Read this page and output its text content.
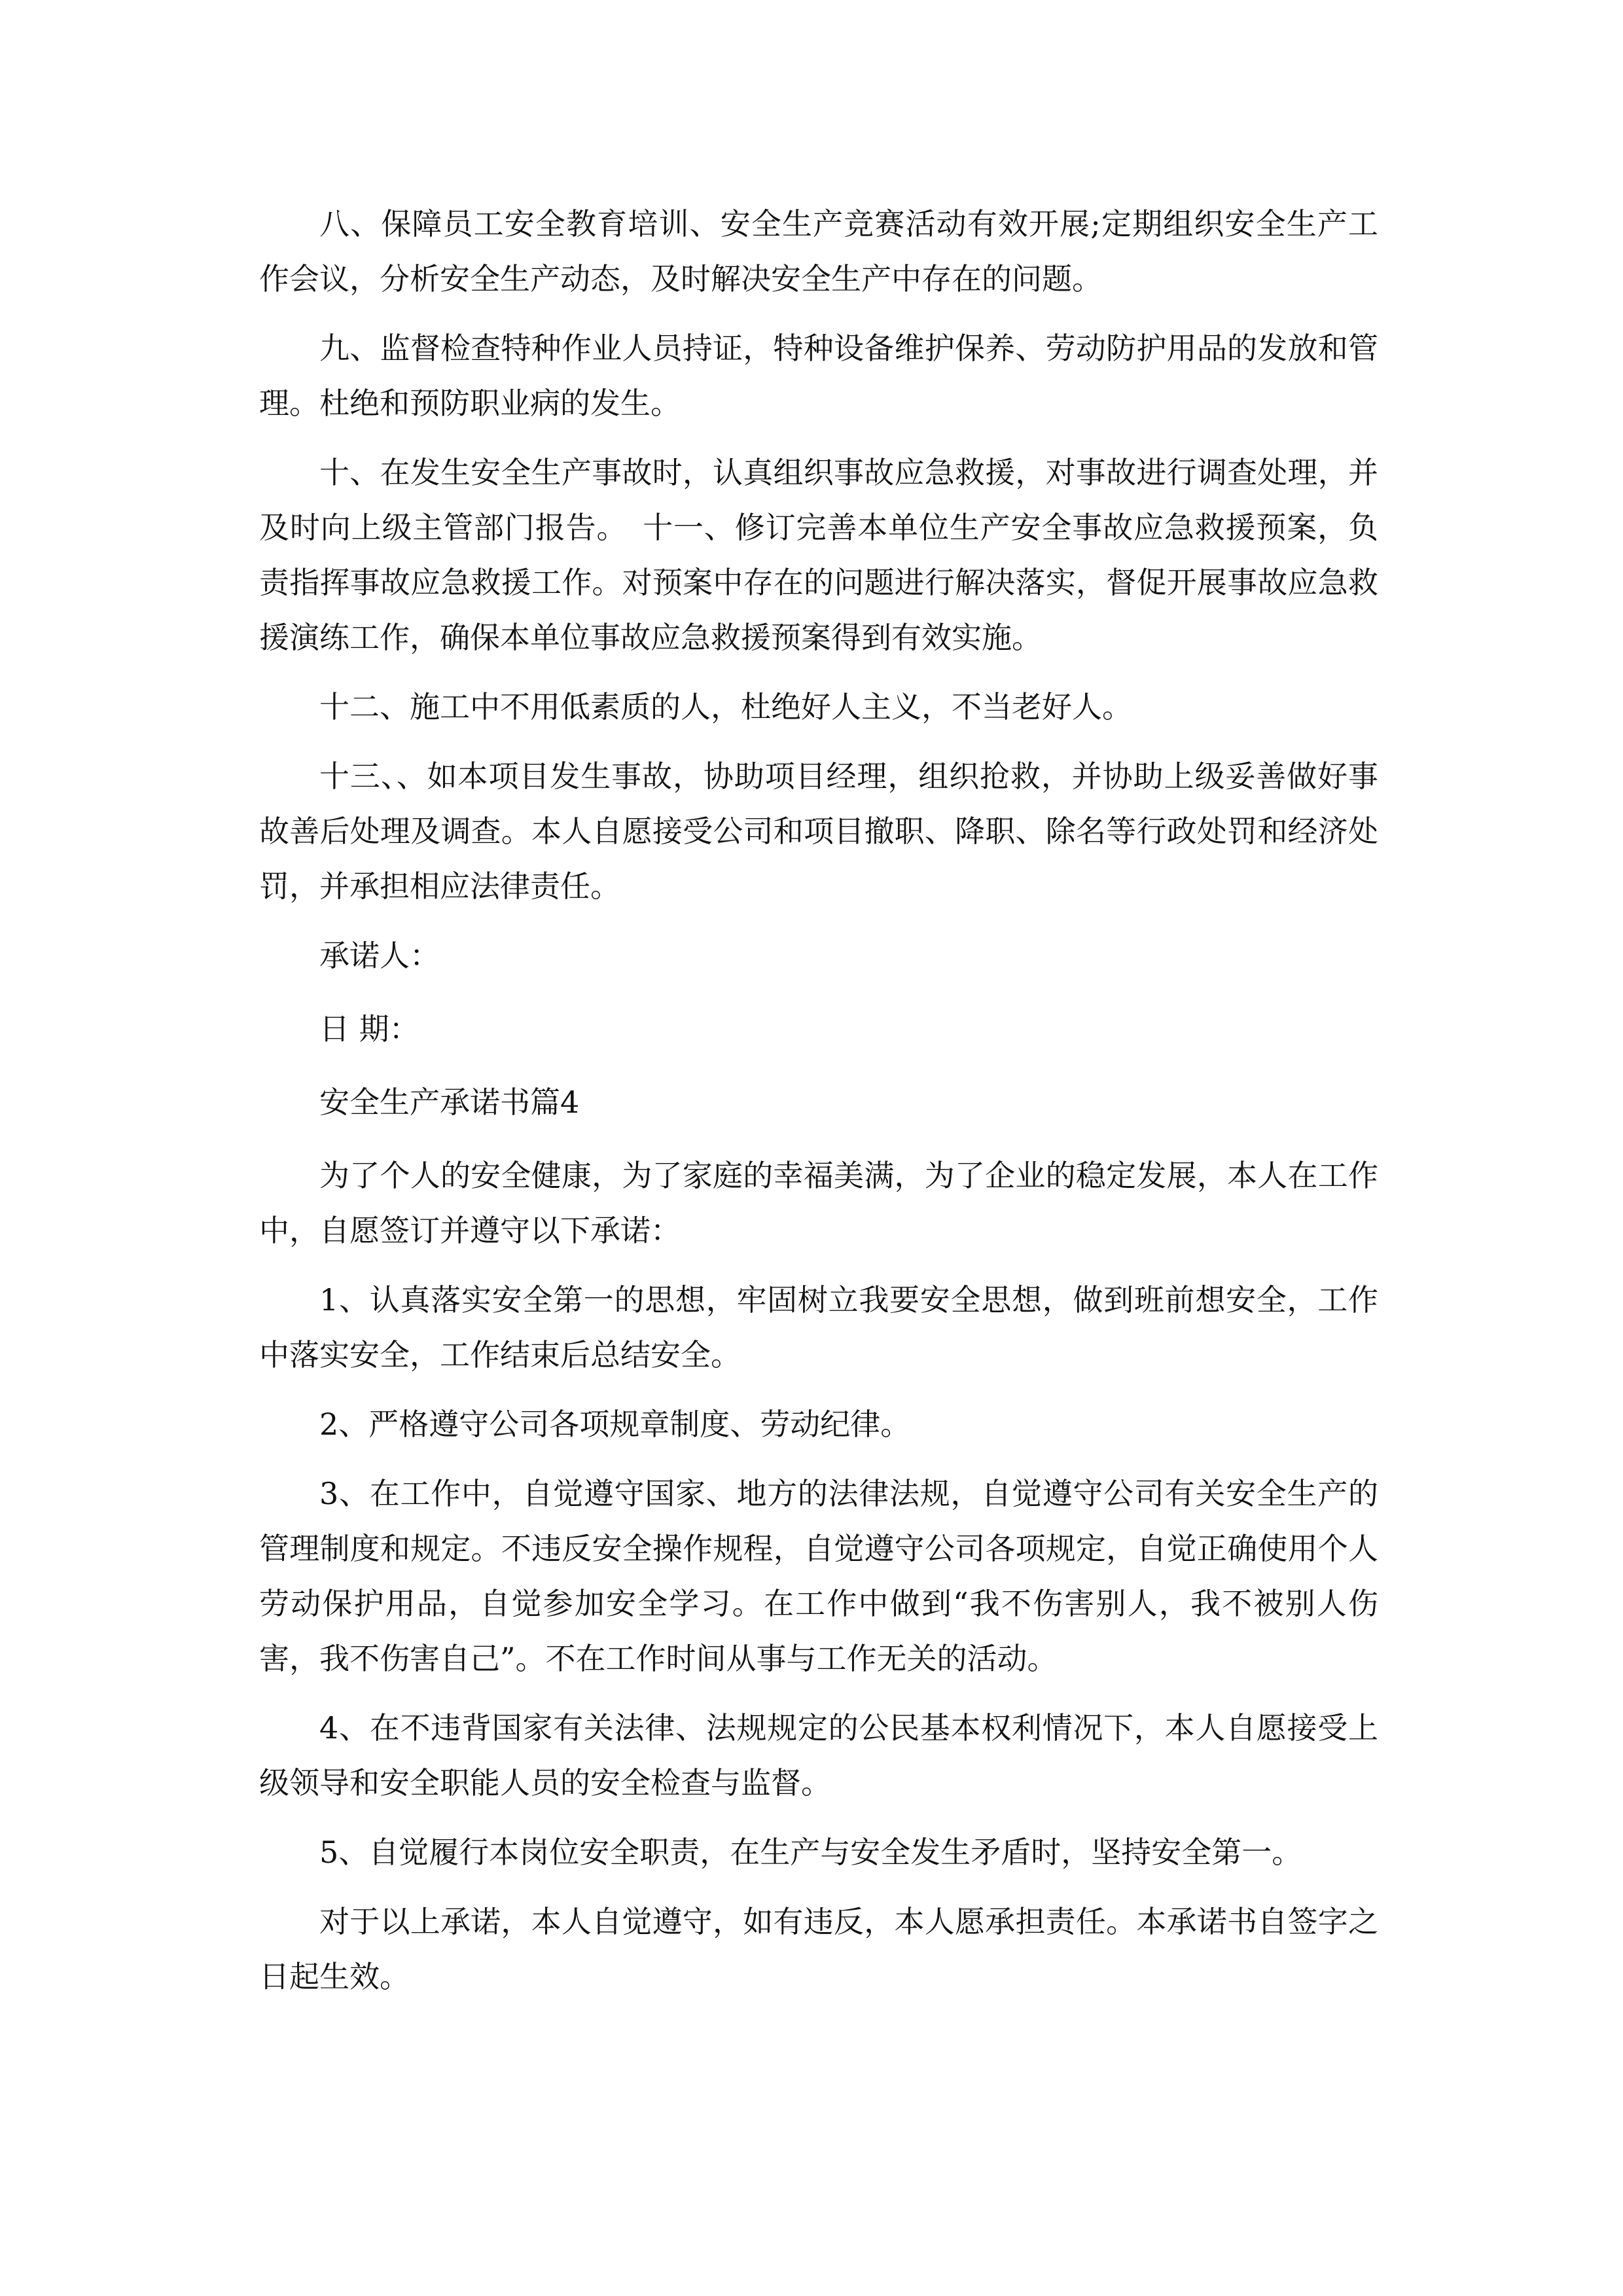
八、保障员工安全教育培训、安全生产竞赛活动有效开展;定期组织安全生产工作会议，分析安全生产动态，及时解决安全生产中存在的问题。

九、监督检查特种作业人员持证，特种设备维护保养、劳动防护用品的发放和管理。杜绝和预防职业病的发生。

十、在发生安全生产事故时，认真组织事故应急救援，对事故进行调查处理，并及时向上级主管部门报告。　十一、修订完善本单位生产安全事故应急救援预案，负责指挥事故应急救援工作。对预案中存在的问题进行解决落实，督促开展事故应急救援演练工作，确保本单位事故应急救援预案得到有效实施。

十二、施工中不用低素质的人，杜绝好人主义，不当老好人。

十三、、如本项目发生事故，协助项目经理，组织抢救，并协助上级妥善做好事故善后处理及调查。本人自愿接受公司和项目撤职、降职、除名等行政处罚和经济处罚，并承担相应法律责任。

承诺人：

日 期：

安全生产承诺书篇4

为了个人的安全健康，为了家庭的幸福美满，为了企业的稳定发展，本人在工作中，自愿签订并遵守以下承诺：

1、认真落实安全第一的思想，牢固树立我要安全思想，做到班前想安全，工作中落实安全，工作结束后总结安全。

2、严格遵守公司各项规章制度、劳动纪律。

3、在工作中，自觉遵守国家、地方的法律法规，自觉遵守公司有关安全生产的管理制度和规定。不违反安全操作规程，自觉遵守公司各项规定，自觉正确使用个人劳动保护用品，自觉参加安全学习。在工作中做到“我不伤害别人，我不被别人伤害，我不伤害自己”。不在工作时间从事与工作无关的活动。

4、在不违背国家有关法律、法规规定的公民基本权利情况下，本人自愿接受上级领导和安全职能人员的安全检查与监督。

5、自觉履行本岗位安全职责，在生产与安全发生矛盾时，坚持安全第一。

对于以上承诺，本人自觉遵守，如有违反，本人愿承担责任。本承诺书自签字之日起生效。
